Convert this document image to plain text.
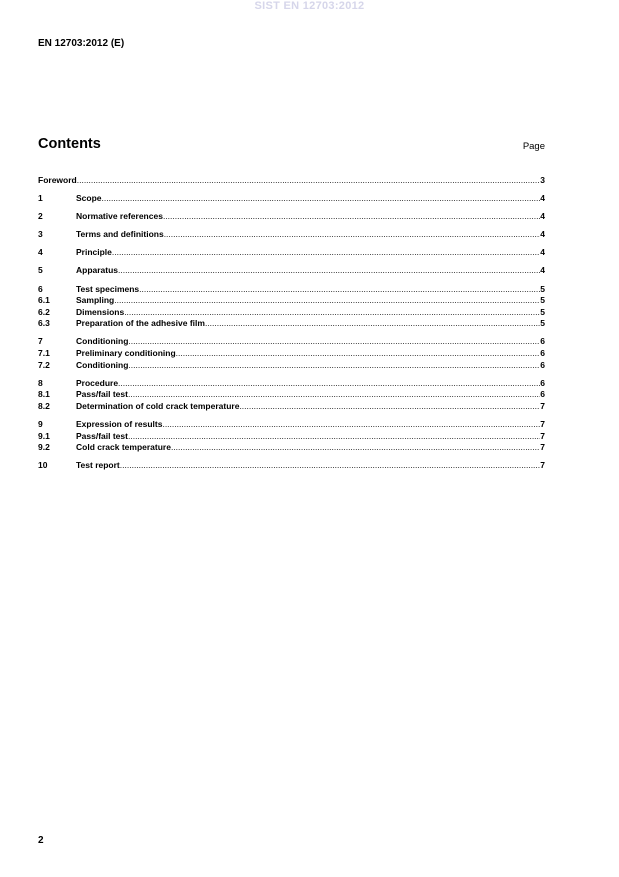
SIST EN 12703:2012
EN 12703:2012 (E)
Contents	Page
Foreword .....	3
1	Scope .....	4
2	Normative references .....	4
3	Terms and definitions .....	4
4	Principle .....	4
5	Apparatus .....	4
6	Test specimens .....	5
6.1	Sampling .....	5
6.2	Dimensions .....	5
6.3	Preparation of the adhesive film .....	5
7	Conditioning .....	6
7.1	Preliminary conditioning .....	6
7.2	Conditioning .....	6
8	Procedure .....	6
8.1	Pass/fail test .....	6
8.2	Determination of cold crack temperature .....	7
9	Expression of results .....	7
9.1	Pass/fail test .....	7
9.2	Cold crack temperature .....	7
10	Test report .....	7
2
